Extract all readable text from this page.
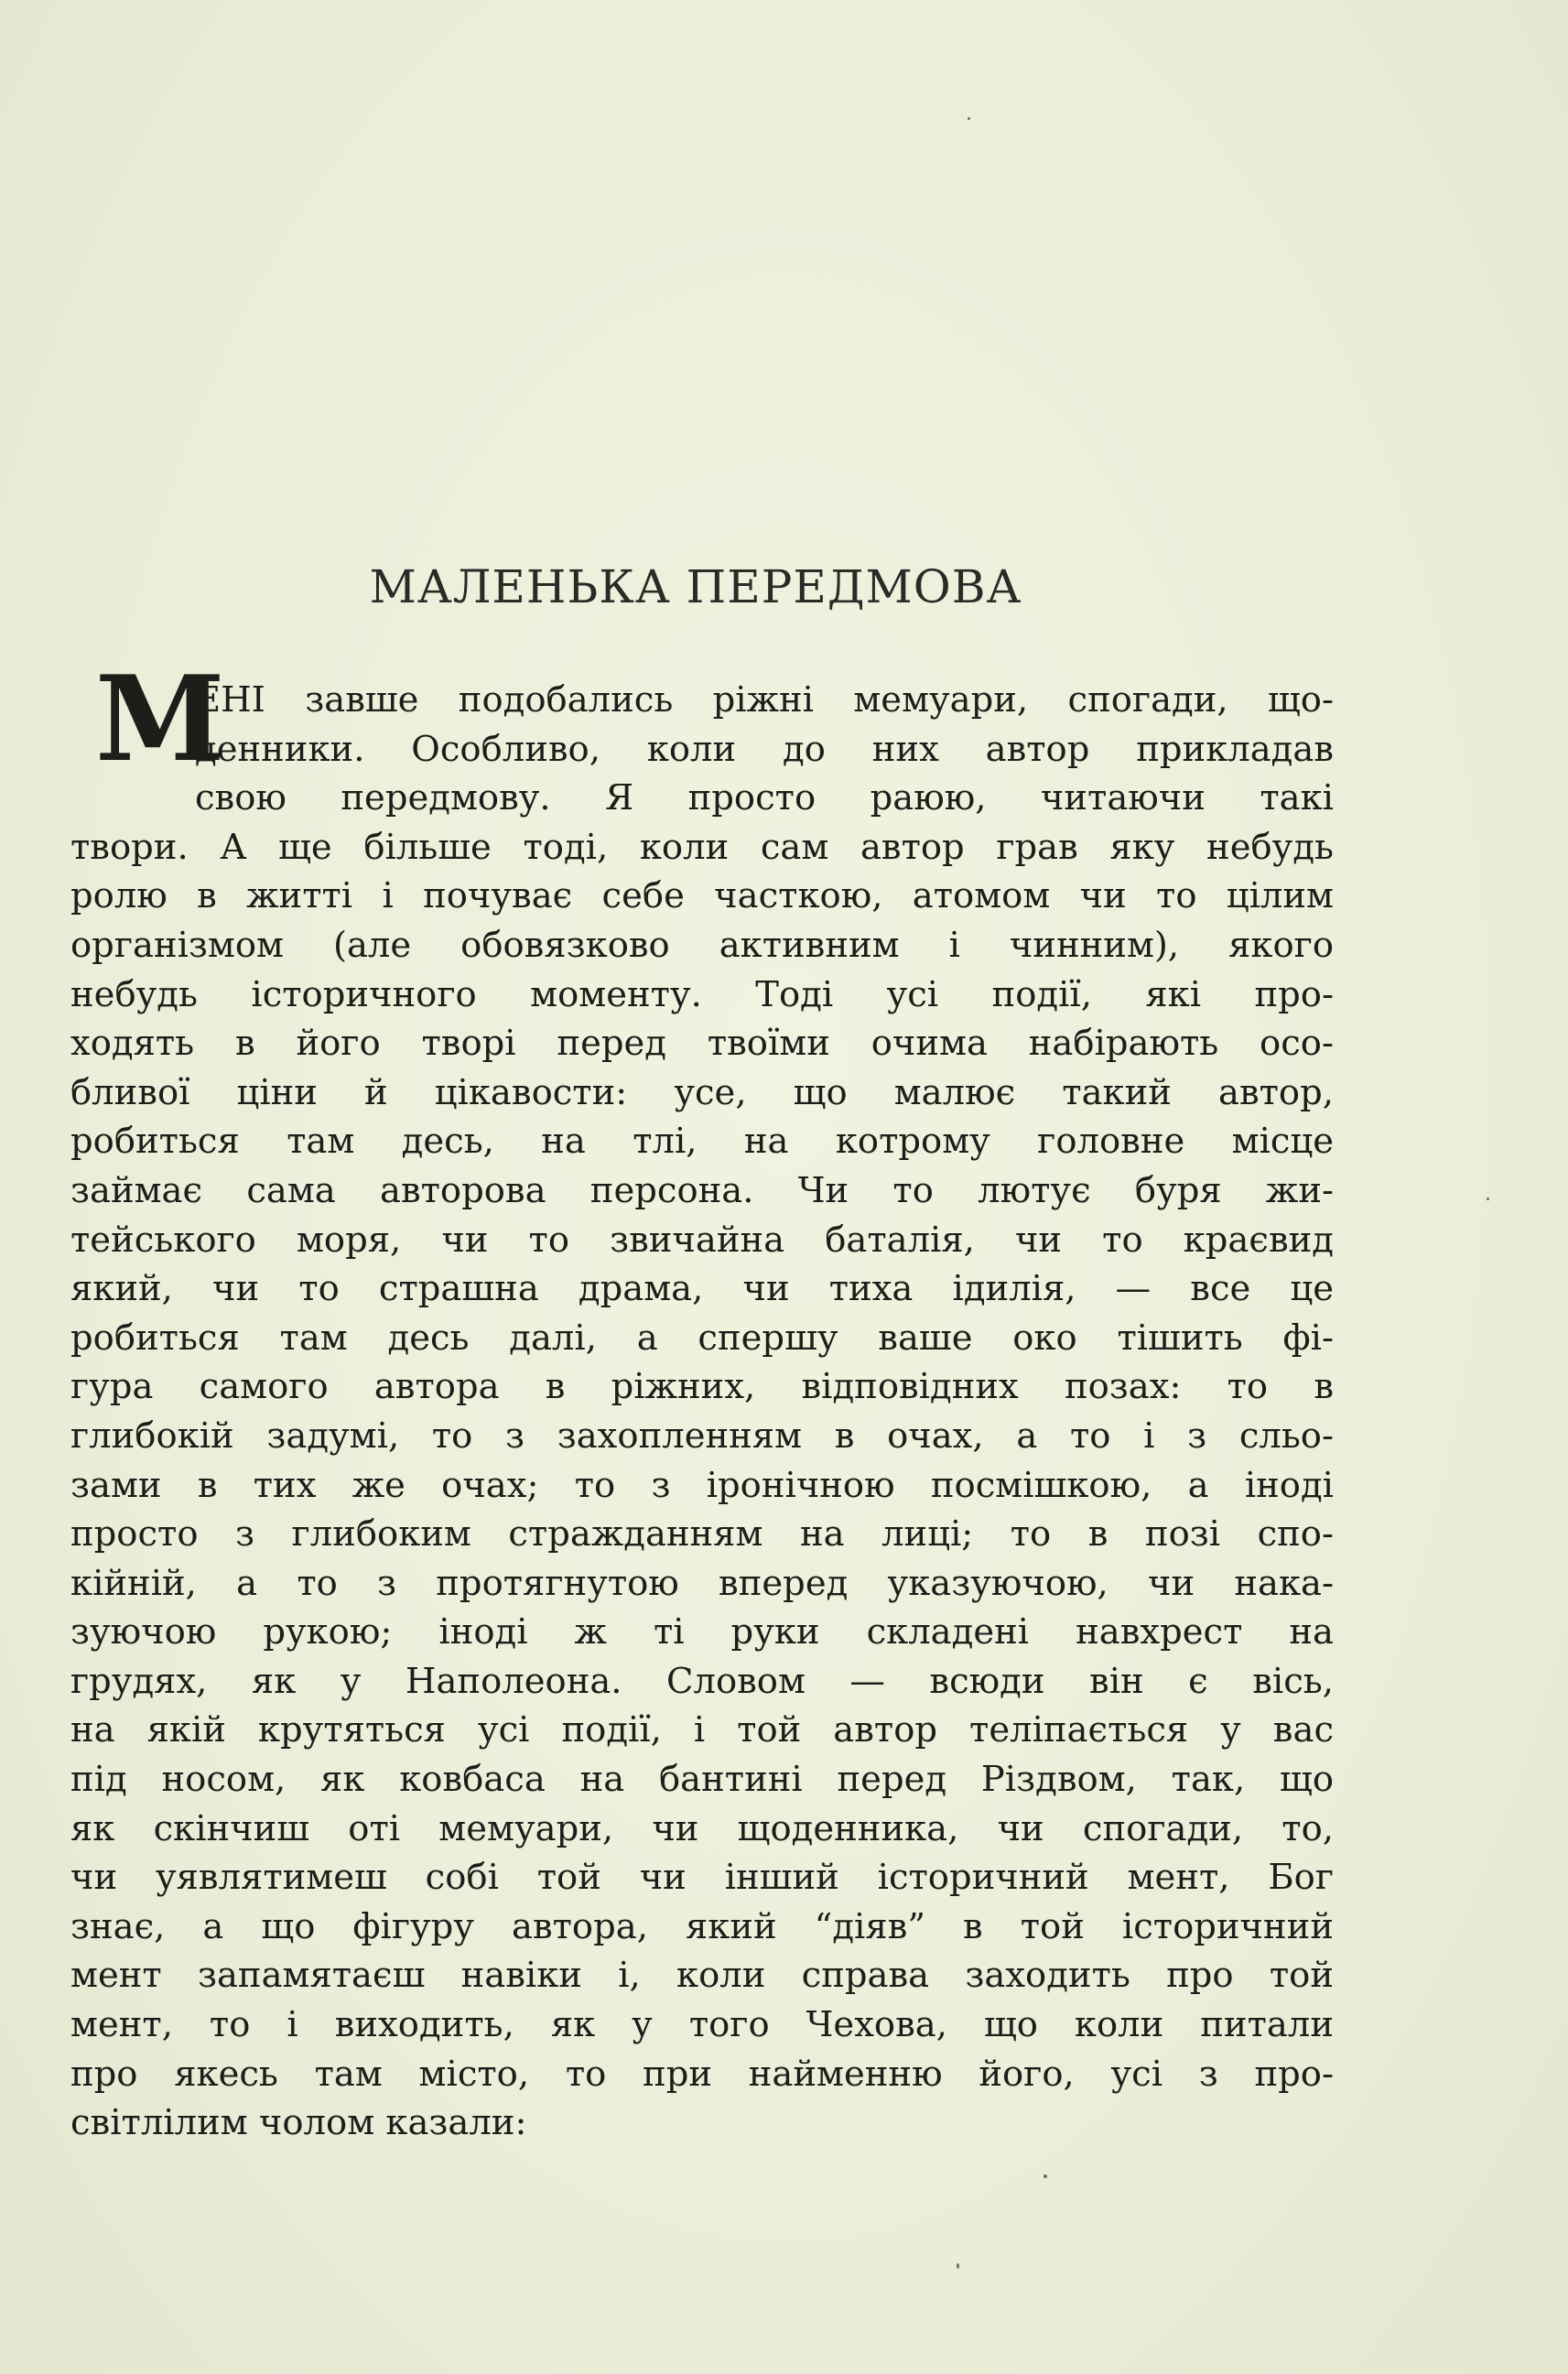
МАЛЕНЬКА ПЕРЕДМОВА
М
ЕНІ завше подобались ріжні мемуари, спогади, що-
денники. Особливо, коли до них автор прикладав
свою передмову. Я просто раюю, читаючи такі
твори. А ще більше тоді, коли сам автор грав яку небудь
ролю в житті і почуває себе часткою, атомом чи то цілим
організмом (але обовязково активним і чинним), якого
небудь історичного моменту. Тоді усі події, які про-
ходять в його творі перед твоїми очима набірають осо-
бливої ціни й цікавости: усе, що малює такий автор,
робиться там десь, на тлі, на котрому головне місце
займає сама авторова персона. Чи то лютує буря жи-
тейського моря, чи то звичайна баталія, чи то краєвид
який, чи то страшна драма, чи тиха ідилія, — все це
робиться там десь далі, а спершу ваше око тішить фі-
гура самого автора в ріжних, відповідних позах: то в
глибокій задумі, то з захопленням в очах, а то і з сльо-
зами в тих же очах; то з іронічною посмішкою, а іноді
просто з глибоким стражданням на лиці; то в позі спо-
кійній, а то з протягнутою вперед указуючою, чи нака-
зуючою рукою; іноді ж ті руки складені навхрест на
грудях, як у Наполеона. Словом — всюди він є вісь,
на якій крутяться усі події, і той автор теліпається у вас
під носом, як ковбаса на бантині перед Різдвом, так, що
як скінчиш оті мемуари, чи щоденника, чи спогади, то,
чи уявлятимеш собі той чи інший історичний мент, Бог
знає, а що фігуру автора, який “діяв” в той історичний
мент запамятаєш навіки і, коли справа заходить про той
мент, то і виходить, як у того Чехова, що коли питали
про якесь там місто, то при найменню його, усі з про-
світлілим чолом казали:
